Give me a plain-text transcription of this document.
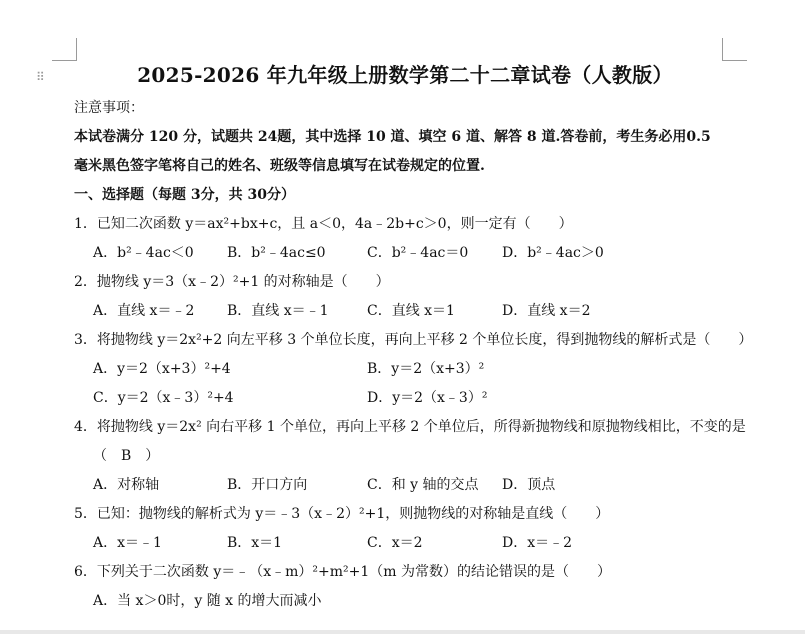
⠿	2025-2026 年九年级上册数学第二十二章试卷（人教版）
注意事项：
本试卷满分 120 分，试题共 24题，其中选择 10 道、填空 6 道、解答 8 道.答卷前，考生务必用0.5
毫米黑色签字笔将自己的姓名、班级等信息填写在试卷规定的位置.
一、选择题（每题 3分，共 30分）
1．已知二次函数 y＝ax²+bx+c，且 a＜0，4a﹣2b+c＞0，则一定有（　　）
A．b²﹣4ac＜0 B．b²﹣4ac≤0	C．b²﹣4ac＝0 D．b²﹣4ac＞0
2．抛物线 y＝3（x﹣2）²+1 的对称轴是（　　）
A．直线 x＝﹣2 B．直线 x＝﹣1	C．直线 x＝1	D．直线 x＝2
3．将抛物线 y＝2x²+2 向左平移 3 个单位长度，再向上平移 2 个单位长度，得到抛物线的解析式是（　　）
A．y＝2（x+3）²+4	B．y＝2（x+3）²
C．y＝2（x﹣3）²+4	D．y＝2（x﹣3）²
4．将抛物线 y＝2x² 向右平移 1 个单位，再向上平移 2 个单位后，所得新抛物线和原抛物线相比，不变的是
（　B　）
A．对称轴	B．开口方向	C．和 y 轴的交点 D．顶点
5．已知：抛物线的解析式为 y＝﹣3（x﹣2）²+1，则抛物线的对称轴是直线（　　）
A．x＝﹣1	B．x＝1	C．x＝2	D．x＝﹣2
6．下列关于二次函数 y＝﹣（x﹣m）²+m²+1（m 为常数）的结论错误的是（　　）
A．当 x＞0时，y 随 x 的增大而减小
